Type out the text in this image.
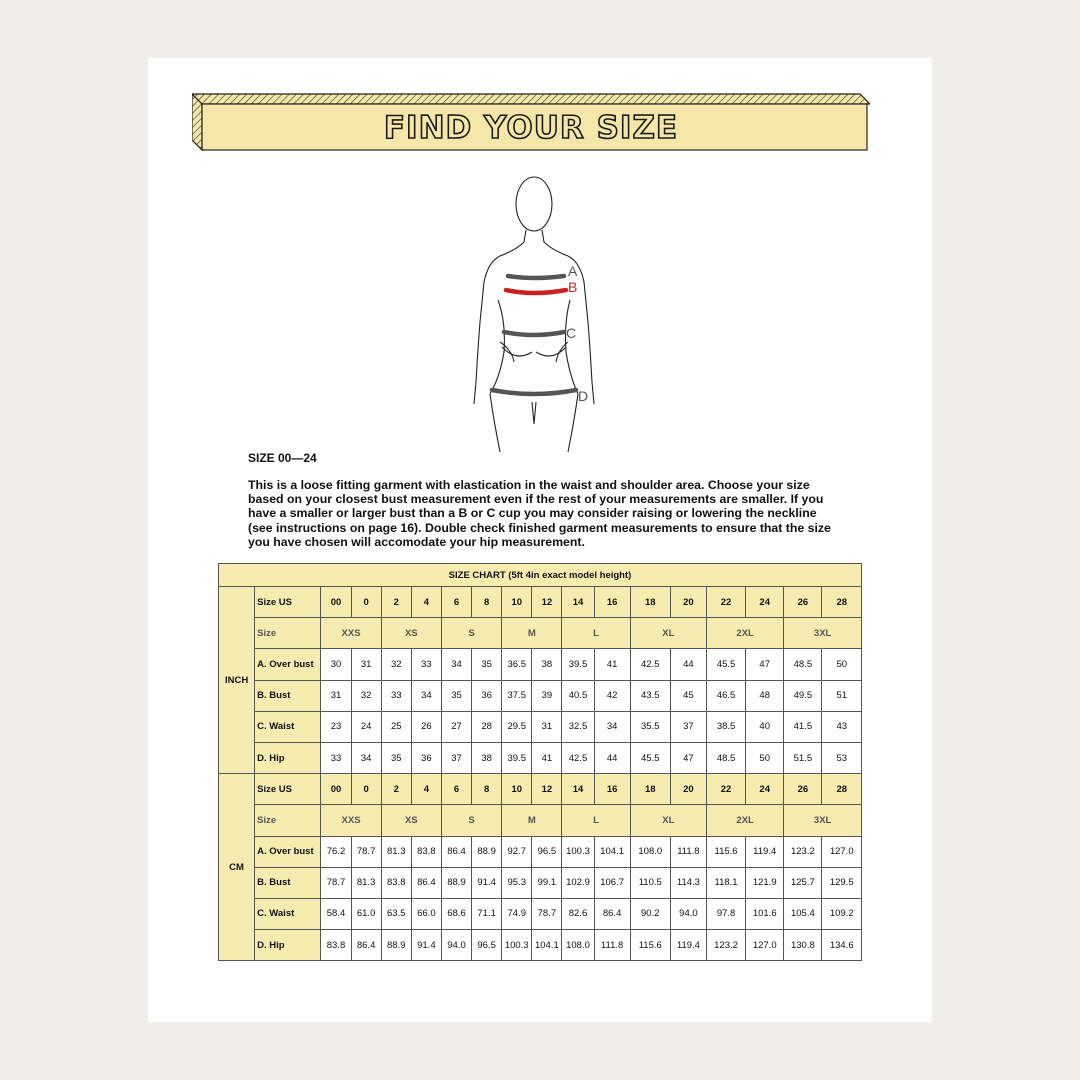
FIND YOUR SIZE
A
B
C
D
SIZE 00—24
This is a loose fitting garment with elastication in the waist and shoulder area. Choose your size based on your closest bust measurement even if the rest of your measurements are smaller. If you have a smaller or larger bust than a B or C cup you may consider raising or lowering the neckline (see instructions on page 16). Double check finished garment measurements to ensure that the size you have chosen will accomodate your hip measurement.
SIZE CHART (5ft 4in exact model height)																	
INCH	Size US	00	0	2	4	6	8	10	12	14	16	18	20	22	24	26	28
	Size	XXS		XS		S		M		L		XL		2XL		3XL	
	A. Over bust	30	31	32	33	34	35	36.5	38	39.5	41	42.5	44	45.5	47	48.5	50
	B. Bust	31	32	33	34	35	36	37.5	39	40.5	42	43.5	45	46.5	48	49.5	51
	C. Waist	23	24	25	26	27	28	29.5	31	32.5	34	35.5	37	38.5	40	41.5	43
	D. Hip	33	34	35	36	37	38	39.5	41	42.5	44	45.5	47	48.5	50	51.5	53
CM	Size US	00	0	2	4	6	8	10	12	14	16	18	20	22	24	26	28
	Size	XXS		XS		S		M		L		XL		2XL		3XL	
	A. Over bust	76.2	78.7	81.3	83.8	86.4	88.9	92.7	96.5	100.3	104.1	108.0	111.8	115.6	119.4	123.2	127.0
	B. Bust	78.7	81.3	83.8	86.4	88.9	91.4	95.3	99.1	102.9	106.7	110.5	114.3	118.1	121.9	125.7	129.5
	C. Waist	58.4	61.0	63.5	66.0	68.6	71.1	74.9	78.7	82.6	86.4	90.2	94.0	97.8	101.6	105.4	109.2
	D. Hip	83.8	86.4	88.9	91.4	94.0	96.5	100.3	104.1	108.0	111.8	115.6	119.4	123.2	127.0	130.8	134.6
